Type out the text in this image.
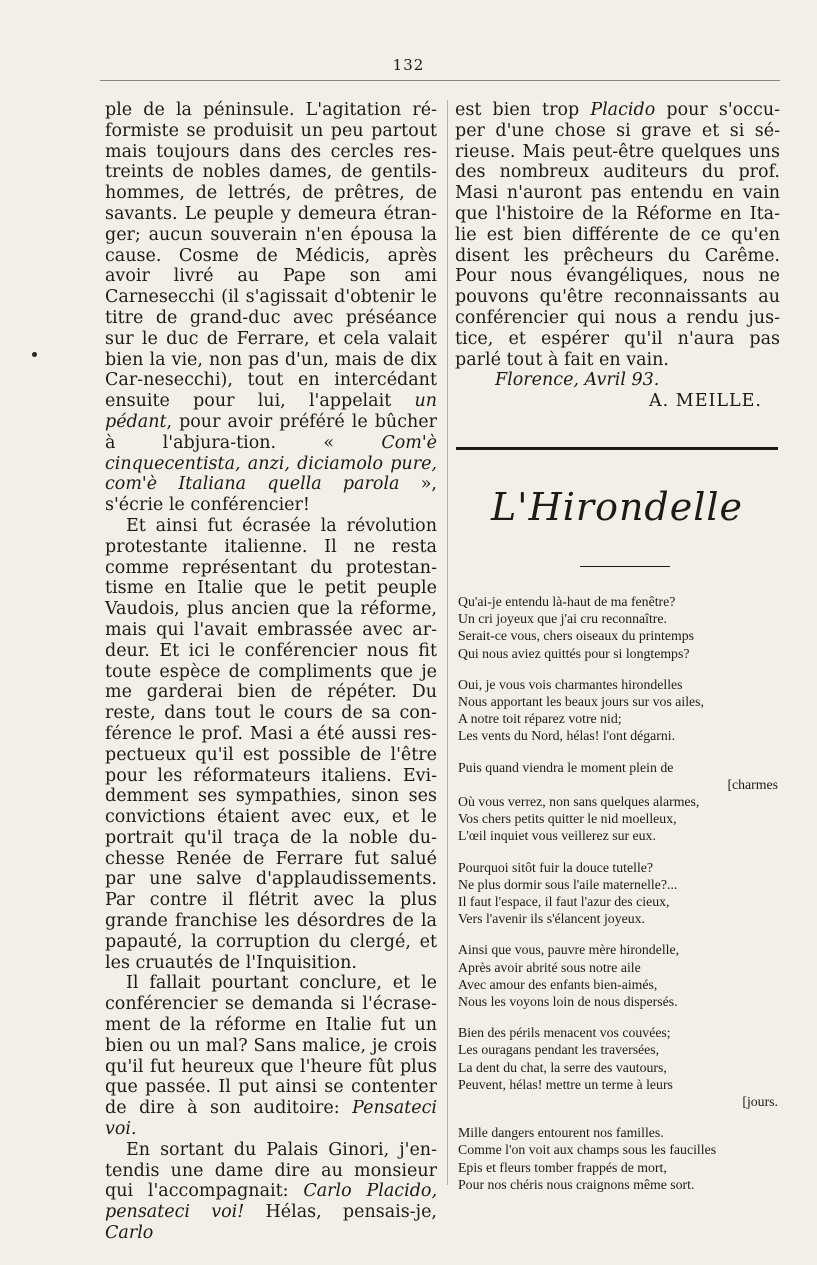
132

ple de la péninsule. L'agitation ré-formiste se produisit un peu partout mais toujours dans des cercles res-treints de nobles dames, de gentils-hommes, de lettrés, de prêtres, de savants. Le peuple y demeura étran-ger; aucun souverain n'en épousa la cause. Cosme de Médicis, après avoir livré au Pape son ami Carnesecchi (il s'agissait d'obtenir le titre de grand-duc avec préséance sur le duc de Ferrare, et cela valait bien la vie, non pas d'un, mais de dix Car-nesecchi), tout en intercédant ensuite pour lui, l'appelait un pédant, pour avoir préféré le bûcher à l'abjura-tion. « Com'è cinquecentista, anzi, diciamolo pure, com'è Italiana quella parola », s'écrie le conférencier!

Et ainsi fut écrasée la révolution protestante italienne. Il ne resta comme représentant du protestan-tisme en Italie que le petit peuple Vaudois, plus ancien que la réforme, mais qui l'avait embrassée avec ar-deur. Et ici le conférencier nous fit toute espèce de compliments que je me garderai bien de répéter. Du reste, dans tout le cours de sa con-férence le prof. Masi a été aussi res-pectueux qu'il est possible de l'être pour les réformateurs italiens. Evi-demment ses sympathies, sinon ses convictions étaient avec eux, et le portrait qu'il traça de la noble du-chesse Renée de Ferrare fut salué par une salve d'applaudissements. Par contre il flétrit avec la plus grande franchise les désordres de la papauté, la corruption du clergé, et les cruautés de l'Inquisition.

Il fallait pourtant conclure, et le conférencier se demanda si l'écrase-ment de la réforme en Italie fut un bien ou un mal? Sans malice, je crois qu'il fut heureux que l'heure fût plus que passée. Il put ainsi se contenter de dire à son auditoire: Pensateci voi.

En sortant du Palais Ginori, j'en-tendis une dame dire au monsieur qui l'accompagnait: Carlo Placido, pensateci voi! Hélas, pensais-je, Carlo

est bien trop Placido pour s'occu-per d'une chose si grave et si sé-rieuse. Mais peut-être quelques uns des nombreux auditeurs du prof. Masi n'auront pas entendu en vain que l'histoire de la Réforme en Ita-lie est bien différente de ce qu'en disent les prêcheurs du Carême. Pour nous évangéliques, nous ne pouvons qu'être reconnaissants au conférencier qui nous a rendu jus-tice, et espérer qu'il n'aura pas parlé tout à fait en vain.

Florence, Avril 93.

A. MEILLE.

L'Hirondelle
Qu'ai-je entendu là-haut de ma fenêtre?
Un cri joyeux que j'ai cru reconnaître.
Serait-ce vous, chers oiseaux du printemps
Qui nous aviez quittés pour si longtemps?
Oui, je vous vois charmantes hirondelles
Nous apportant les beaux jours sur vos ailes,
A notre toit réparez votre nid;
Les vents du Nord, hélas! l'ont dégarni.
Puis quand viendra le moment plein de
[charmes
Où vous verrez, non sans quelques alarmes,
Vos chers petits quitter le nid moelleux,
L'œil inquiet vous veillerez sur eux.
Pourquoi sitôt fuir la douce tutelle?
Ne plus dormir sous l'aile maternelle?...
Il faut l'espace, il faut l'azur des cieux,
Vers l'avenir ils s'élancent joyeux.
Ainsi que vous, pauvre mère hirondelle,
Après avoir abrité sous notre aile
Avec amour des enfants bien-aimés,
Nous les voyons loin de nous dispersés.
Bien des périls menacent vos couvées;
Les ouragans pendant les traversées,
La dent du chat, la serre des vautours,
Peuvent, hélas! mettre un terme à leurs
[jours.
Mille dangers entourent nos familles.
Comme l'on voit aux champs sous les faucilles
Epis et fleurs tomber frappés de mort,
Pour nos chéris nous craignons même sort.
